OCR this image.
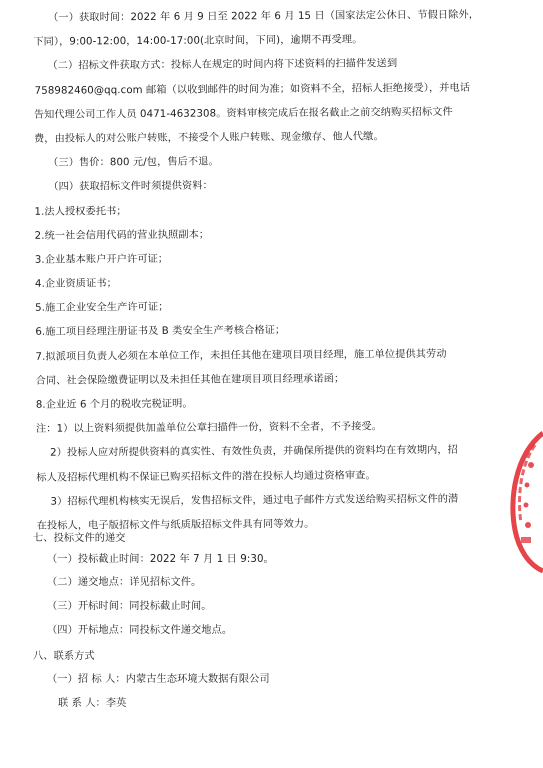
（一）获取时间：2022 年 6 月 9 日至 2022 年 6 月 15 日（国家法定公休日、节假日除外，
下同），9:00-12:00，14:00-17:00(北京时间，下同)，逾期不再受理。
（二）招标文件获取方式：投标人在规定的时间内将下述资料的扫描件发送到
758982460@qq.com 邮箱（以收到邮件的时间为准；如资料不全，招标人拒绝接受），并电话
告知代理公司工作人员 0471-4632308。资料审核完成后在报名截止之前交纳购买招标文件
费，由投标人的对公账户转账，不接受个人账户转账、现金缴存、他人代缴。
（三）售价：800 元/包，售后不退。
（四）获取招标文件时须提供资料：
1.法人授权委托书；
2.统一社会信用代码的营业执照副本；
3.企业基本账户开户许可证；
4.企业资质证书；
5.施工企业安全生产许可证；
6.施工项目经理注册证书及 B 类安全生产考核合格证；
7.拟派项目负责人必须在本单位工作，未担任其他在建项目项目经理，施工单位提供其劳动
合同、社会保险缴费证明以及未担任其他在建项目项目经理承诺函；
8.企业近 6 个月的税收完税证明。
注：1）以上资料须提供加盖单位公章扫描件一份，资料不全者，不予接受。
2）投标人应对所提供资料的真实性、有效性负责，并确保所提供的资料均在有效期内，招
标人及招标代理机构不保证已购买招标文件的潜在投标人均通过资格审查。
3）招标代理机构核实无误后，发售招标文件，通过电子邮件方式发送给购买招标文件的潜
在投标人，电子版招标文件与纸质版招标文件具有同等效力。
七、投标文件的递交
（一）投标截止时间：2022 年 7 月 1 日 9:30。
（二）递交地点：详见招标文件。
（三）开标时间：同投标截止时间。
（四）开标地点：同投标文件递交地点。
八、联系方式
（一）招 标 人：内蒙古生态环境大数据有限公司
联 系 人：李英
